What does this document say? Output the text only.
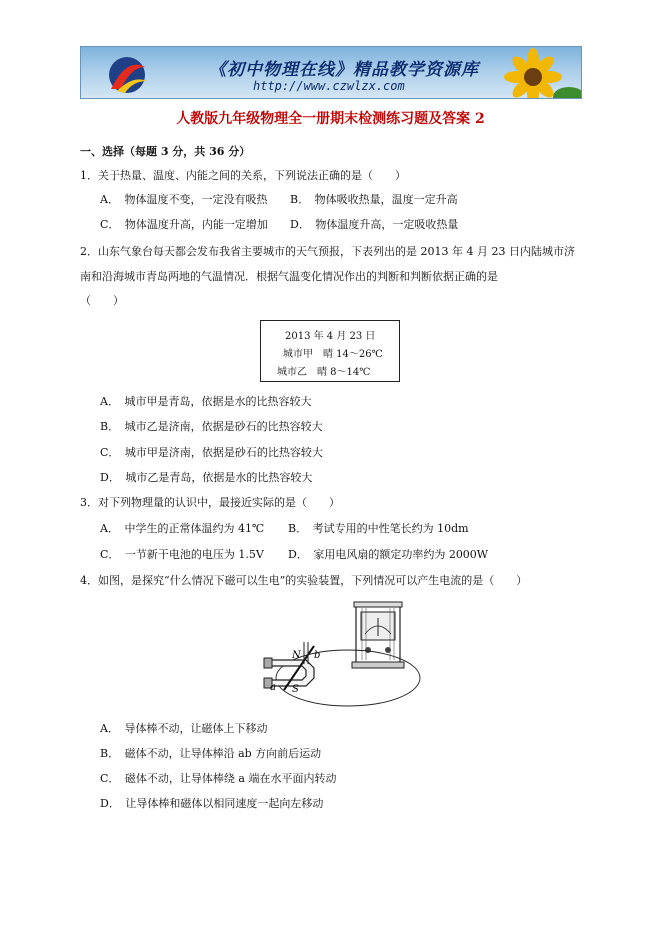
《初中物理在线》精品教学资源库
http://www.czwlzx.com
人教版九年级物理全一册期末检测练习题及答案 2
一、选择（每题 3 分，共 36 分）
1．关于热量、温度、内能之间的关系，下列说法正确的是（　　）
A．　物体温度不变，一定没有吸热 B．　物体吸收热量，温度一定升高
C．　物体温度升高，内能一定增加 D．　物体温度升高，一定吸收热量
2．山东气象台每天都会发布我省主要城市的天气预报，下表列出的是 2013 年 4 月 23 日内陆城市济
南和沿海城市青岛两地的气温情况．根据气温变化情况作出的判断和判断依据正确的是
（　　）
2013 年 4 月 23 日
城市甲　晴 14～26℃
城市乙　晴 8～14℃
A．　城市甲是青岛，依据是水的比热容较大
B．　城市乙是济南，依据是砂石的比热容较大
C．　城市甲是济南，依据是砂石的比热容较大
D．　城市乙是青岛，依据是水的比热容较大
3．对下列物理量的认识中，最接近实际的是（　　）
A．　中学生的正常体温约为 41℃ B．　考试专用的中性笔长约为 10dm
C．　一节新干电池的电压为 1.5V D．　家用电风扇的额定功率约为 2000W
4．如图，是探究“什么情况下磁可以生电”的实验装置，下列情况可以产生电流的是（　　）
N
S
a
b
A．　导体棒不动，让磁体上下移动
B．　磁体不动，让导体棒沿 ab 方向前后运动
C．　磁体不动，让导体棒绕 a 端在水平面内转动
D．　让导体棒和磁体以相同速度一起向左移动
